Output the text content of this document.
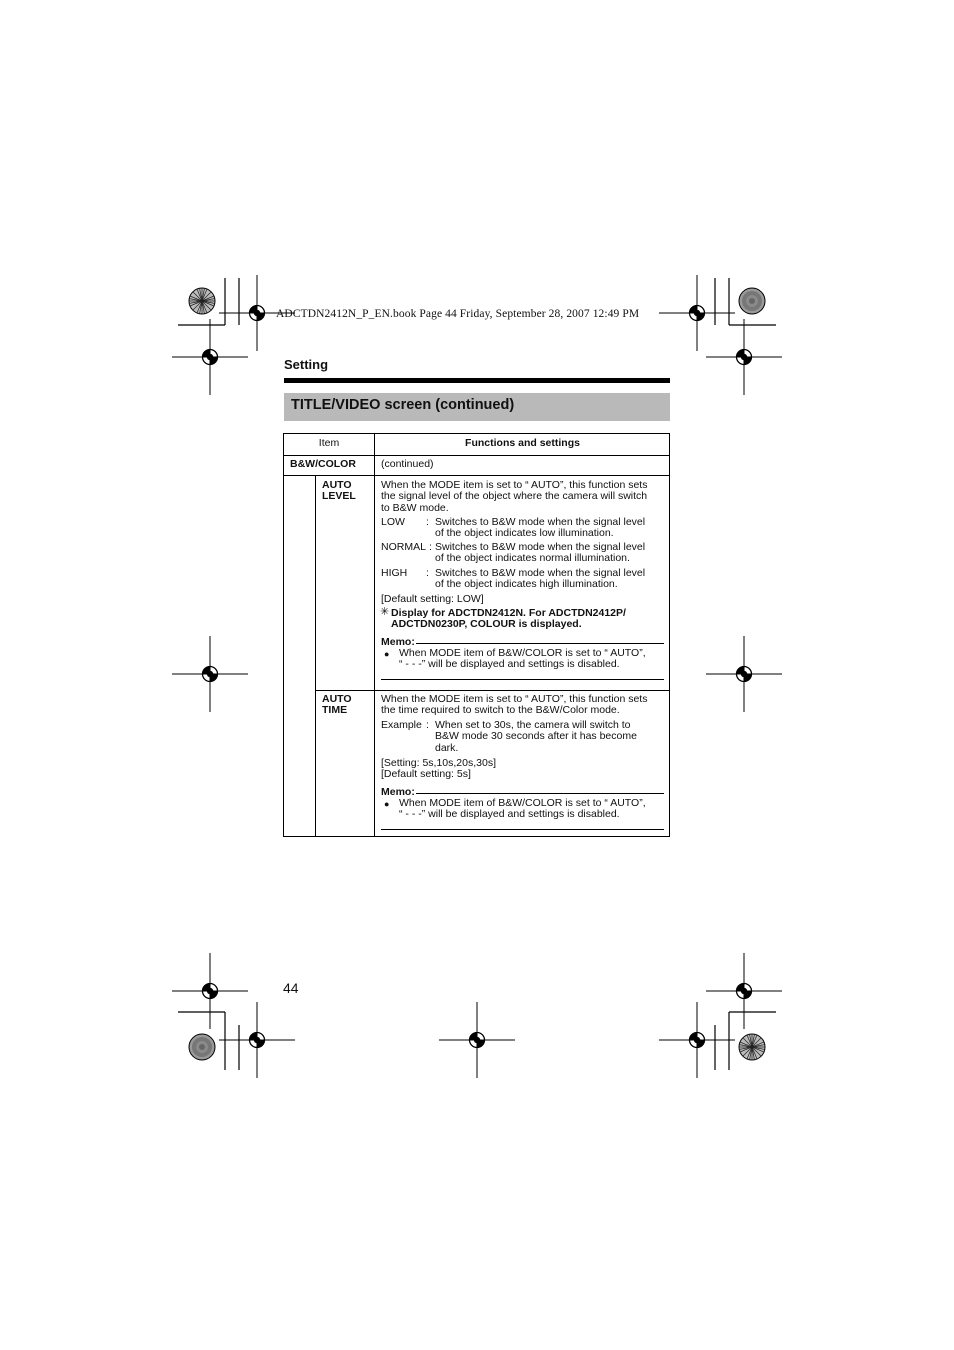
ADCTDN2412N_P_EN.book Page 44 Friday, September 28, 2007 12:49 PM
Setting
TITLE/VIDEO screen (continued)
Item	Functions and settings
B&W/COLOR (continued)
AUTO
LEVEL
When the MODE item is set to “ AUTO”, this function sets
the signal level of the object where the camera will switch
to B&W mode.
LOW : Switches to B&W mode when the signal level
of the object indicates low illumination.
NORMAL : Switches to B&W mode when the signal level
of the object indicates normal illumination.
HIGH : Switches to B&W mode when the signal level
of the object indicates high illumination.
[Default setting: LOW]
✳ Display for ADCTDN2412N. For ADCTDN2412P/
ADCTDN0230P, COLOUR is displayed.
Memo:
● When MODE item of B&W/COLOR is set to “ AUTO”,
“ - - -” will be displayed and settings is disabled.
AUTO
TIME
When the MODE item is set to “ AUTO”, this function sets
the time required to switch to the B&W/Color mode.
Example : When set to 30s, the camera will switch to
B&W mode 30 seconds after it has become
dark.
[Setting: 5s,10s,20s,30s]
[Default setting: 5s]
Memo:
● When MODE item of B&W/COLOR is set to “ AUTO”,
“ - - -” will be displayed and settings is disabled.
44
